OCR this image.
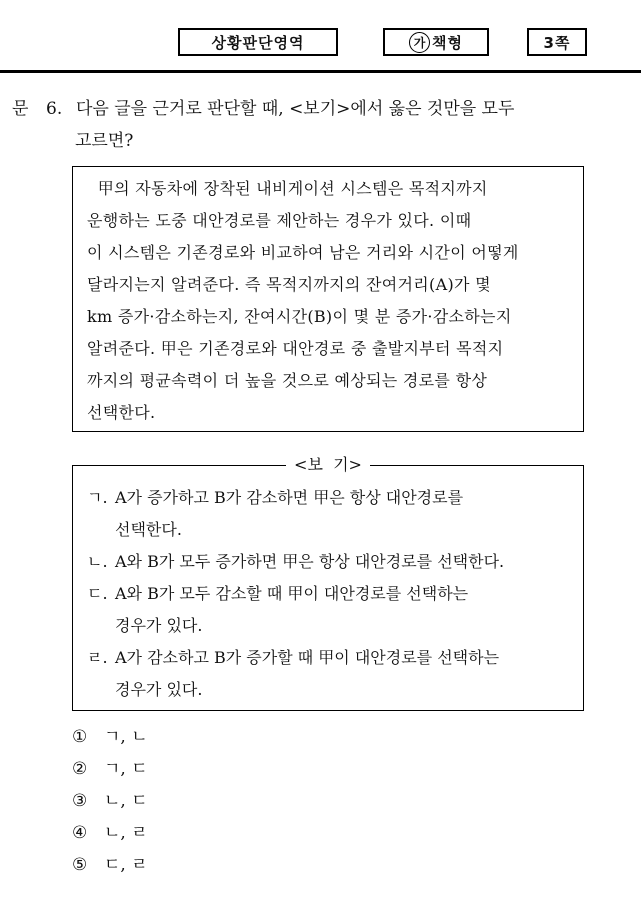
상황판단영역	가 책형	3쪽
문 6. 다음 글을 근거로 판단할 때, <보기>에서 옳은 것만을 모두
고르면?
甲의 자동차에 장착된 내비게이션 시스템은 목적지까지
운행하는 도중 대안경로를 제안하는 경우가 있다. 이때
이 시스템은 기존경로와 비교하여 남은 거리와 시간이 어떻게
달라지는지 알려준다. 즉 목적지까지의 잔여거리(A)가 몇
km 증가·감소하는지, 잔여시간(B)이 몇 분 증가·감소하는지
알려준다. 甲은 기존경로와 대안경로 중 출발지부터 목적지
까지의 평균속력이 더 높을 것으로 예상되는 경로를 항상
선택한다.
ㄱ. A가 증가하고 B가 감소하면 甲은 항상 대안경로를
선택한다.
ㄴ. A와 B가 모두 증가하면 甲은 항상 대안경로를 선택한다.
ㄷ. A와 B가 모두 감소할 때 甲이 대안경로를 선택하는
경우가 있다.
ㄹ. A가 감소하고 B가 증가할 때 甲이 대안경로를 선택하는
경우가 있다.
<보  기>
① ㄱ, ㄴ
② ㄱ, ㄷ
③ ㄴ, ㄷ
④ ㄴ, ㄹ
⑤ ㄷ, ㄹ
